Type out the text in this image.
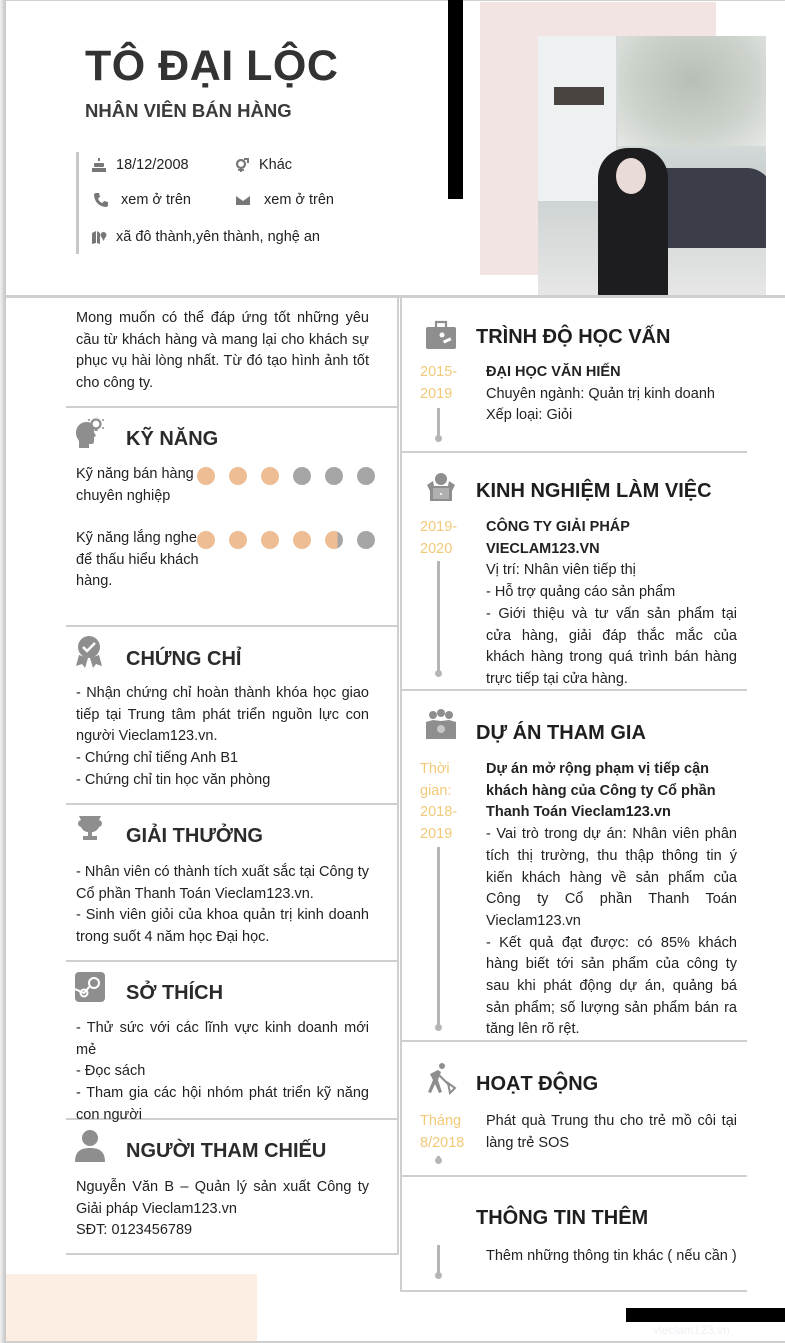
TÔ ĐẠI LỘC
NHÂN VIÊN BÁN HÀNG
18/12/2008	Khác
xem ở trên	xem ở trên
xã đô thành,yên thành, nghệ an
Mong muốn có thể đáp ứng tốt những yêu cầu từ khách hàng và mang lại cho khách sự phục vụ hài lòng nhất. Từ đó tạo hình ảnh tốt cho công ty.
KỸ NĂNG
Kỹ năng bán hàng chuyên nghiệp
Kỹ năng lắng nghe để thấu hiểu khách hàng.
CHỨNG CHỈ
- Nhận chứng chỉ hoàn thành khóa học giao tiếp tại Trung tâm phát triển nguồn lực con người Vieclam123.vn.
- Chứng chỉ tiếng Anh B1
- Chứng chỉ tin học văn phòng
GIẢI THƯỞNG
- Nhân viên có thành tích xuất sắc tại Công ty Cổ phần Thanh Toán Vieclam123.vn.
- Sinh viên giỏi của khoa quản trị kinh doanh trong suốt 4 năm học Đại học.
SỞ THÍCH
- Thử sức với các lĩnh vực kinh doanh mới mẻ
- Đọc sách
- Tham gia các hội nhóm phát triển kỹ năng con người
NGƯỜI THAM CHIẾU
Nguyễn Văn B – Quản lý sản xuất Công ty Giải pháp Vieclam123.vn
SĐT: 0123456789
TRÌNH ĐỘ HỌC VẤN
2015- 2019
ĐẠI HỌC VĂN HIẾN
Chuyên ngành: Quản trị kinh doanh
Xếp loại: Giỏi
KINH NGHIỆM LÀM VIỆC
2019- 2020
CÔNG TY GIẢI PHÁP VIECLAM123.VN
Vị trí: Nhân viên tiếp thị
- Hỗ trợ quảng cáo sản phẩm
- Giới thiệu và tư vấn sản phẩm tại cửa hàng, giải đáp thắc mắc của khách hàng trong quá trình bán hàng trực tiếp tại cửa hàng.
DỰ ÁN THAM GIA
Thời gian: 2018- 2019
Dự án mở rộng phạm vị tiếp cận khách hàng của Công ty Cổ phần Thanh Toán Vieclam123.vn
- Vai trò trong dự án: Nhân viên phân tích thị trường, thu thập thông tin ý kiến khách hàng về sản phẩm của Công ty Cổ phần Thanh Toán Vieclam123.vn
- Kết quả đạt được: có 85% khách hàng biết tới sản phẩm của công ty sau khi phát động dự án, quảng bá sản phẩm; số lượng sản phẩm bán ra tăng lên rõ rệt.
HOẠT ĐỘNG
Tháng 8/2018
Phát quà Trung thu cho trẻ mồ côi tại làng trẻ SOS
THÔNG TIN THÊM
Thêm những thông tin khác ( nếu cần )
vieclam123.vn
